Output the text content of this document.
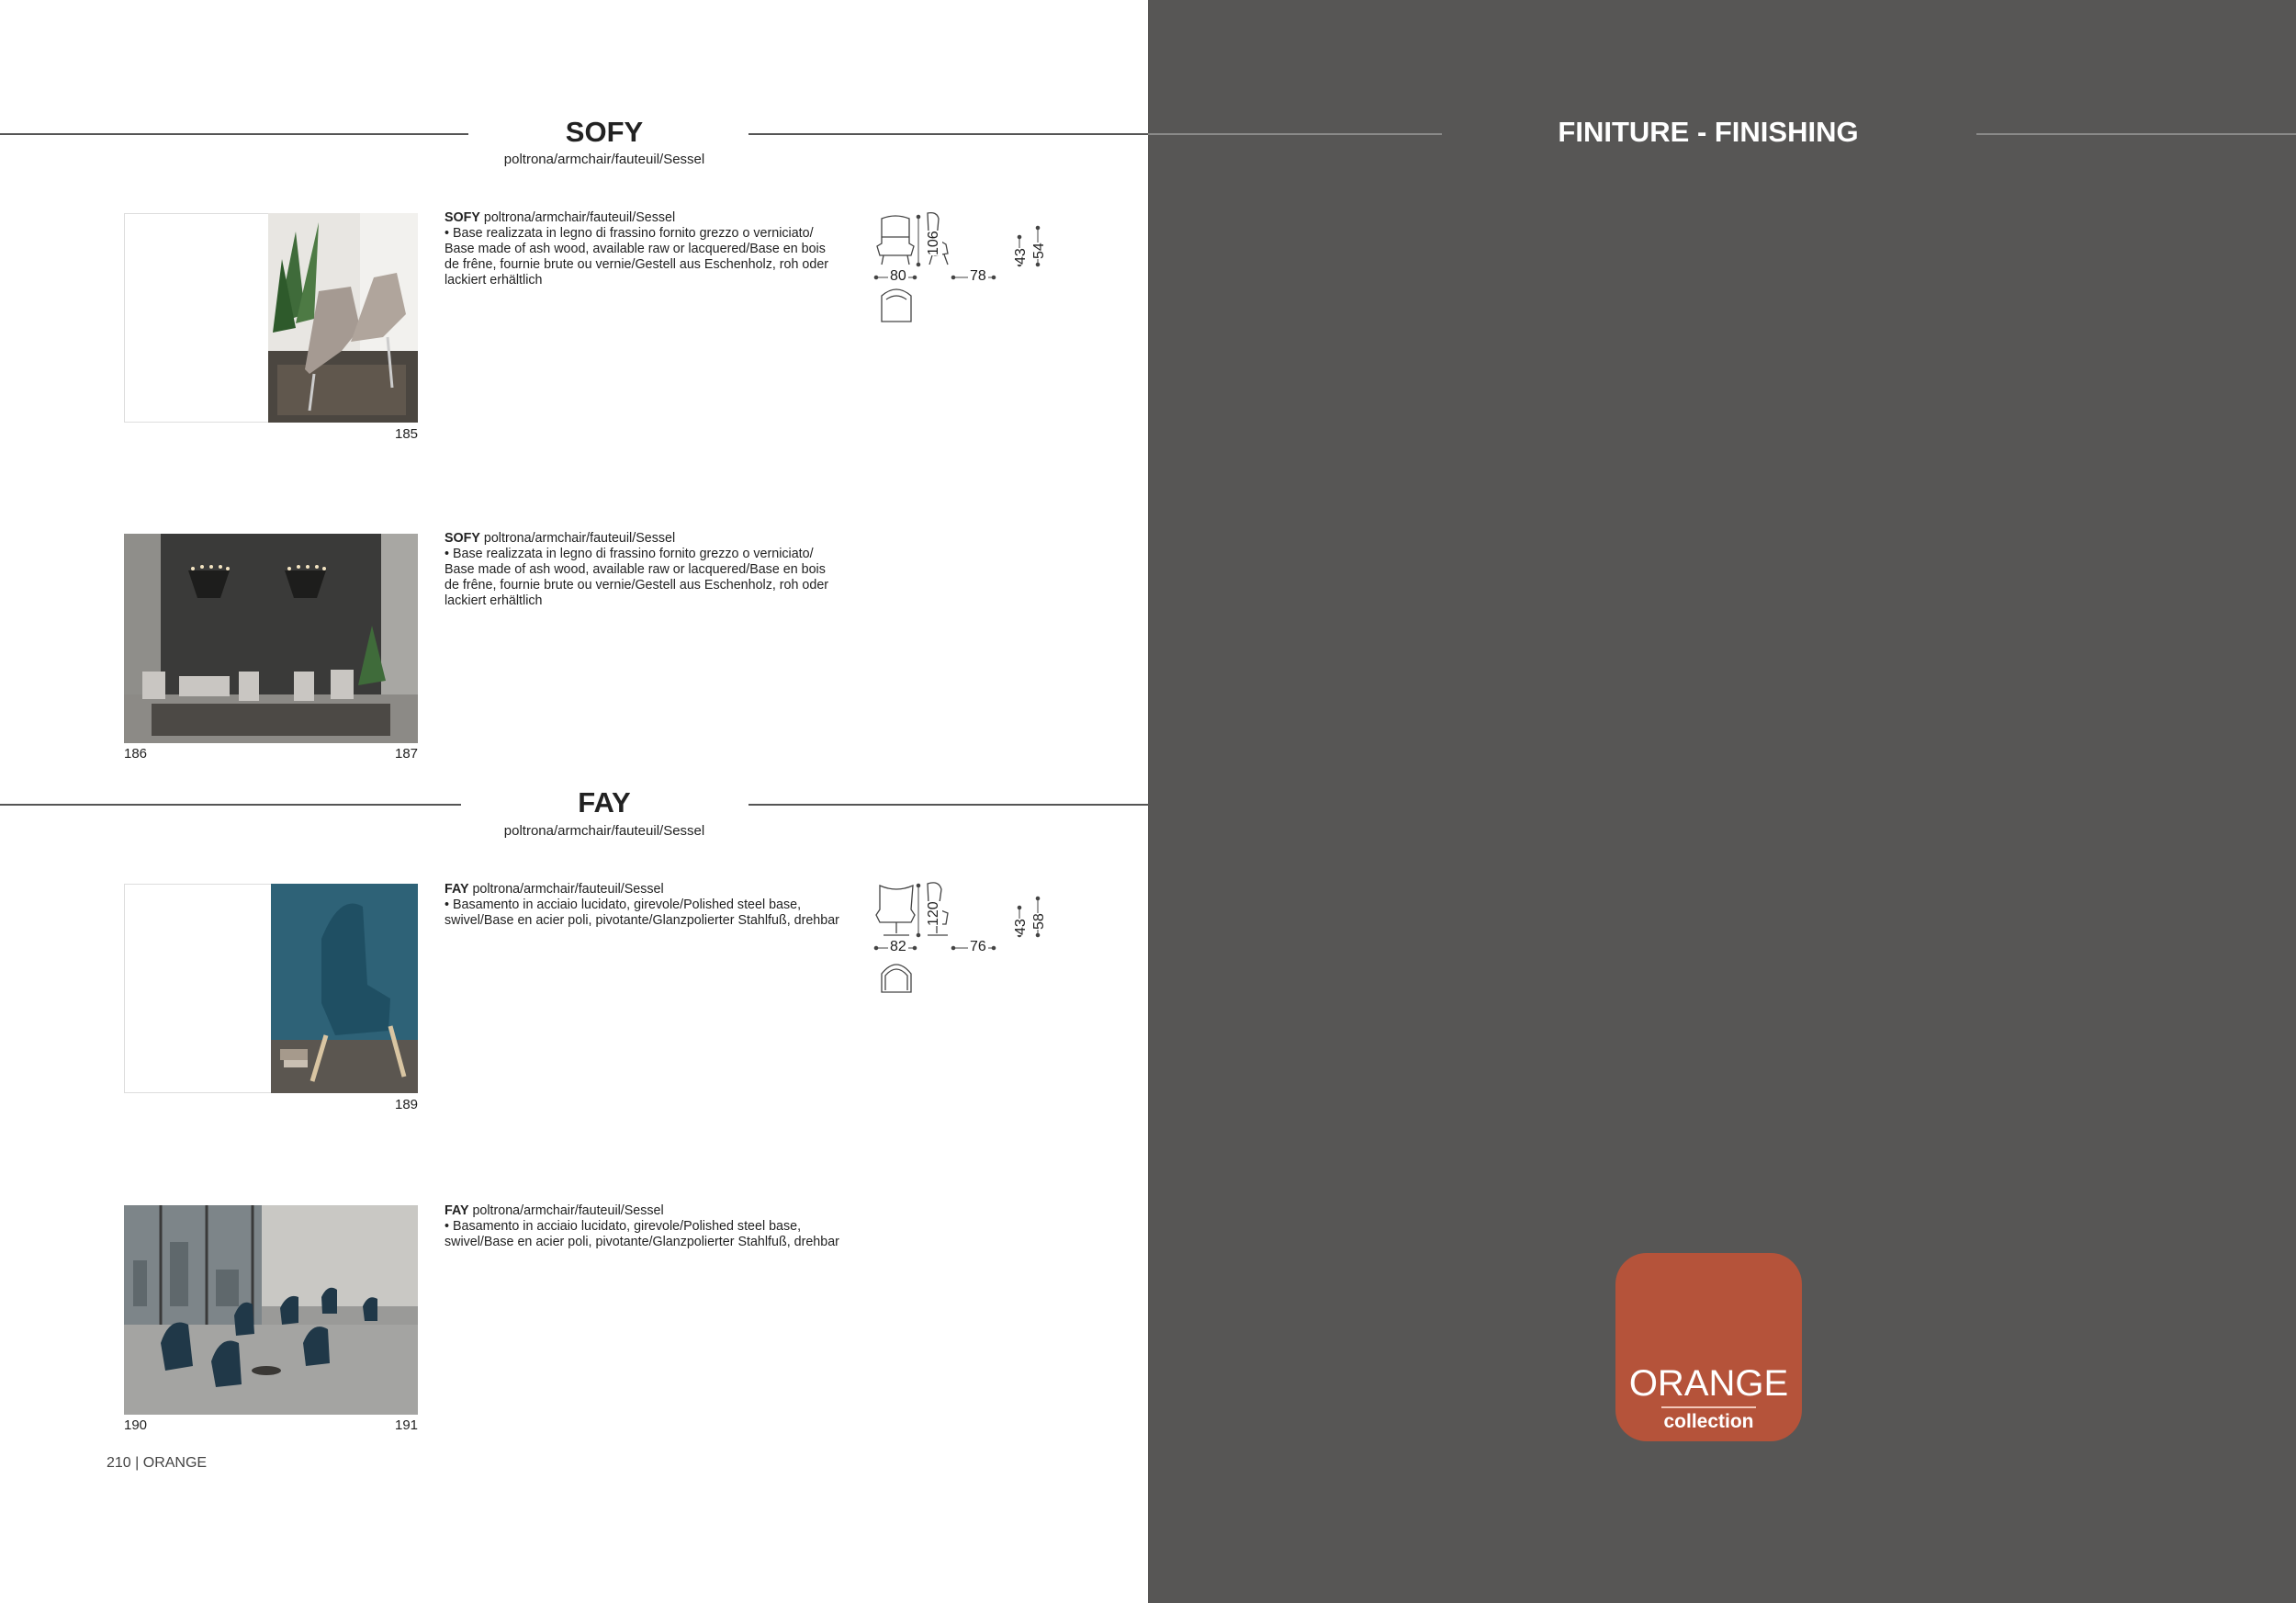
SOFY
poltrona/armchair/fauteuil/Sessel
185
SOFY poltrona/armchair/fauteuil/Sessel
• Base realizzata in legno di frassino fornito grezzo o verniciato/
Base made of ash wood, available raw or lacquered/Base en bois
de frêne, fournie brute ou vernie/Gestell aus Eschenholz, roh oder
lackiert erhältlich	80	78
106
43 54
186	187
SOFY poltrona/armchair/fauteuil/Sessel
• Base realizzata in legno di frassino fornito grezzo o verniciato/
Base made of ash wood, available raw or lacquered/Base en bois
de frêne, fournie brute ou vernie/Gestell aus Eschenholz, roh oder
lackiert erhältlich
FAY
poltrona/armchair/fauteuil/Sessel
189
FAY poltrona/armchair/fauteuil/Sessel
• Basamento in acciaio lucidato, girevole/Polished steel base,
swivel/Base en acier poli, pivotante/Glanzpolierter Stahlfuß, drehbar
82	76
120
43 58
190	191
FAY poltrona/armchair/fauteuil/Sessel
• Basamento in acciaio lucidato, girevole/Polished steel base,
swivel/Base en acier poli, pivotante/Glanzpolierter Stahlfuß, drehbar
210 | ORANGE
FINITURE - FINISHING
ORANGE
collection
